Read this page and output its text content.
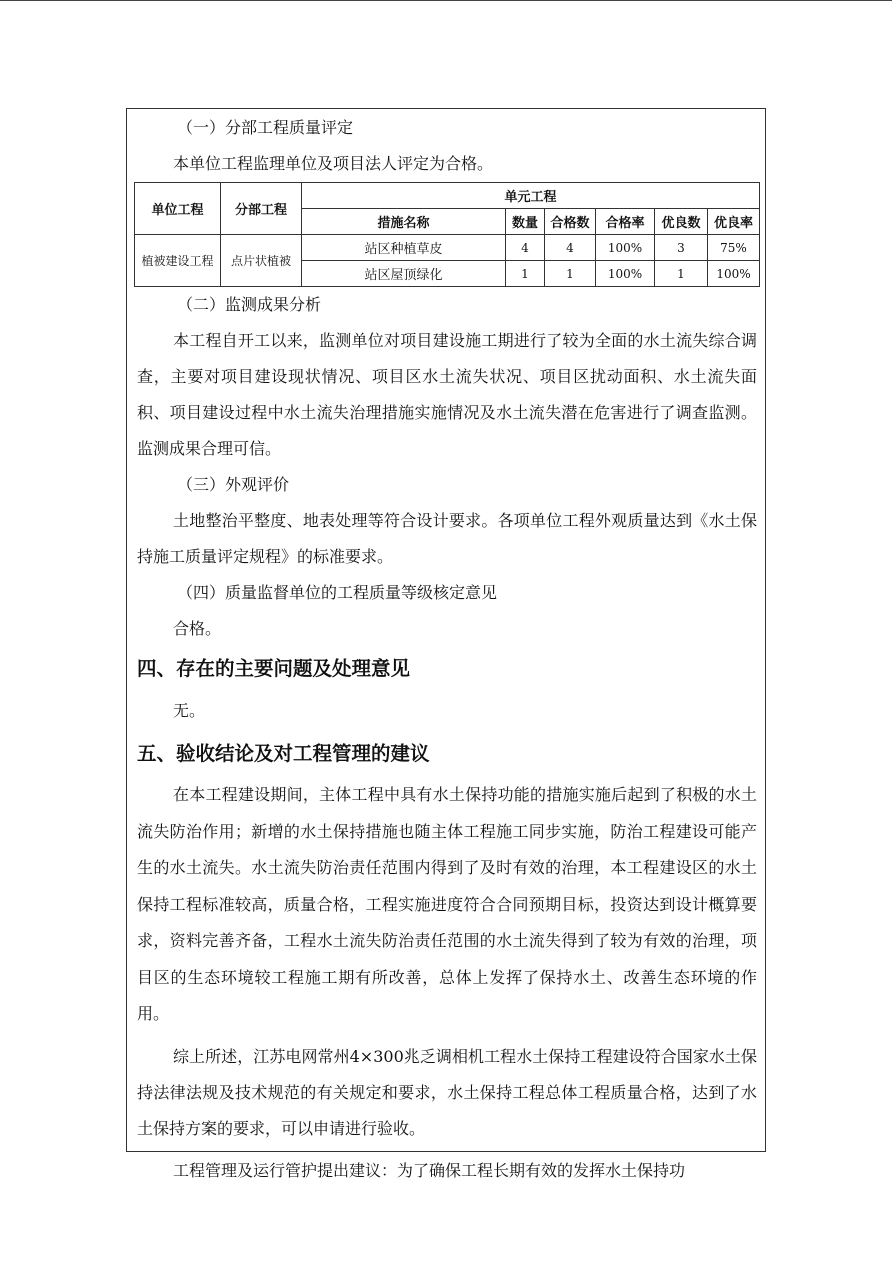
（一）分部工程质量评定

本单位工程监理单位及项目法人评定为合格。

单位工程	分部工程	单元工程					
		措施名称	数量	合格数	合格率	优良数	优良率
植被建设工程	点片状植被	站区种植草皮	4	4	100%	3	75%
		站区屋顶绿化	1	1	100%	1	100%

（二）监测成果分析

本工程自开工以来，监测单位对项目建设施工期进行了较为全面的水土流失综合调查，主要对项目建设现状情况、项目区水土流失状况、项目区扰动面积、水土流失面积、项目建设过程中水土流失治理措施实施情况及水土流失潜在危害进行了调查监测。监测成果合理可信。

（三）外观评价

土地整治平整度、地表处理等符合设计要求。各项单位工程外观质量达到《水土保持施工质量评定规程》的标准要求。

（四）质量监督单位的工程质量等级核定意见

合格。

四、存在的主要问题及处理意见

无。

五、验收结论及对工程管理的建议

在本工程建设期间，主体工程中具有水土保持功能的措施实施后起到了积极的水土流失防治作用；新增的水土保持措施也随主体工程施工同步实施，防治工程建设可能产生的水土流失。水土流失防治责任范围内得到了及时有效的治理，本工程建设区的水土保持工程标准较高，质量合格，工程实施进度符合合同预期目标，投资达到设计概算要求，资料完善齐备，工程水土流失防治责任范围的水土流失得到了较为有效的治理，项目区的生态环境较工程施工期有所改善，总体上发挥了保持水土、改善生态环境的作用。

综上所述，江苏电网常州4×300兆乏调相机工程水土保持工程建设符合国家水土保持法律法规及技术规范的有关规定和要求，水土保持工程总体工程质量合格，达到了水土保持方案的要求，可以申请进行验收。

工程管理及运行管护提出建议：为了确保工程长期有效的发挥水土保持功
